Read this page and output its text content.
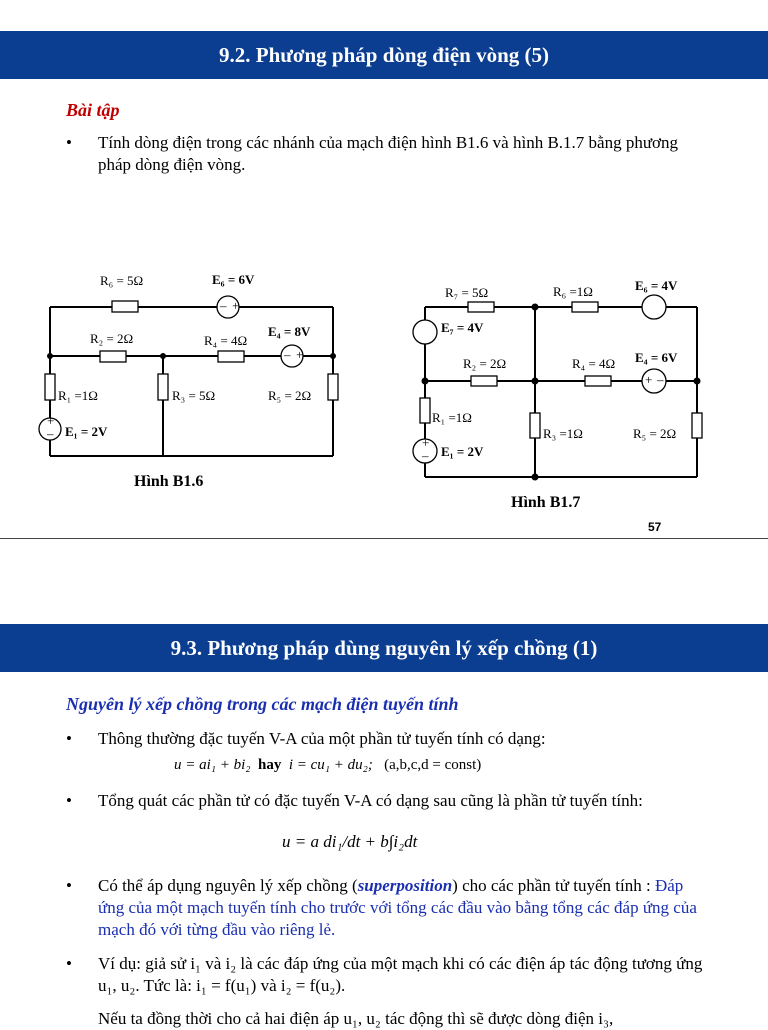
9.2. Phương pháp dòng điện vòng (5)
Bài tập
• Tính dòng điện trong các nhánh của mạch điện hình B1.6 và hình B.1.7 bằng phương pháp dòng điện vòng.
– +
– +
+
–
R₆ = 5Ω	E₆ = 6V
R₂ = 2Ω	R₄ = 4Ω
E₄ = 8V
R₁ =1Ω	R₃ = 5Ω	R₅ = 2Ω
E₁ = 2V
Hình B1.6
+ –
+
–
R₇ = 5Ω	R₆ =1Ω	E₆ = 4V
E₇ = 4V
R₂ = 2Ω	R₄ = 4Ω E₄ = 6V
R₁ =1Ω
R₃ =1Ω	R₅ = 2Ω
E₁ = 2V
Hình B1.7
57
9.3. Phương pháp dùng nguyên lý xếp chồng (1)
Nguyên lý xếp chồng trong các mạch điện tuyến tính
• Thông thường đặc tuyến V-A của một phần tử tuyến tính có dạng:
u = ai₁ + bi₂ hay i = cu₁ + du₂; (a,b,c,d = const)
• Tổng quát các phần tử có đặc tuyến V-A có dạng sau cũng là phần tử tuyến tính:
u = a di₁/dt + b∫i₂dt
• Có thể áp dụng nguyên lý xếp chồng (superposition) cho các phần tử tuyến tính : Đáp ứng của một mạch tuyến tính cho trước với tổng các đầu vào bằng tổng các đáp ứng của mạch đó với từng đầu vào riêng lẻ.
• Ví dụ: giả sử i₁ và i₂ là các đáp ứng của một mạch khi có các điện áp tác động tương ứng u₁, u₂. Tức là: i₁ = f(u₁) và i₂ = f(u₂).
Nếu ta đồng thời cho cả hai điện áp u₁, u₂ tác động thì sẽ được dòng điện i₃,
